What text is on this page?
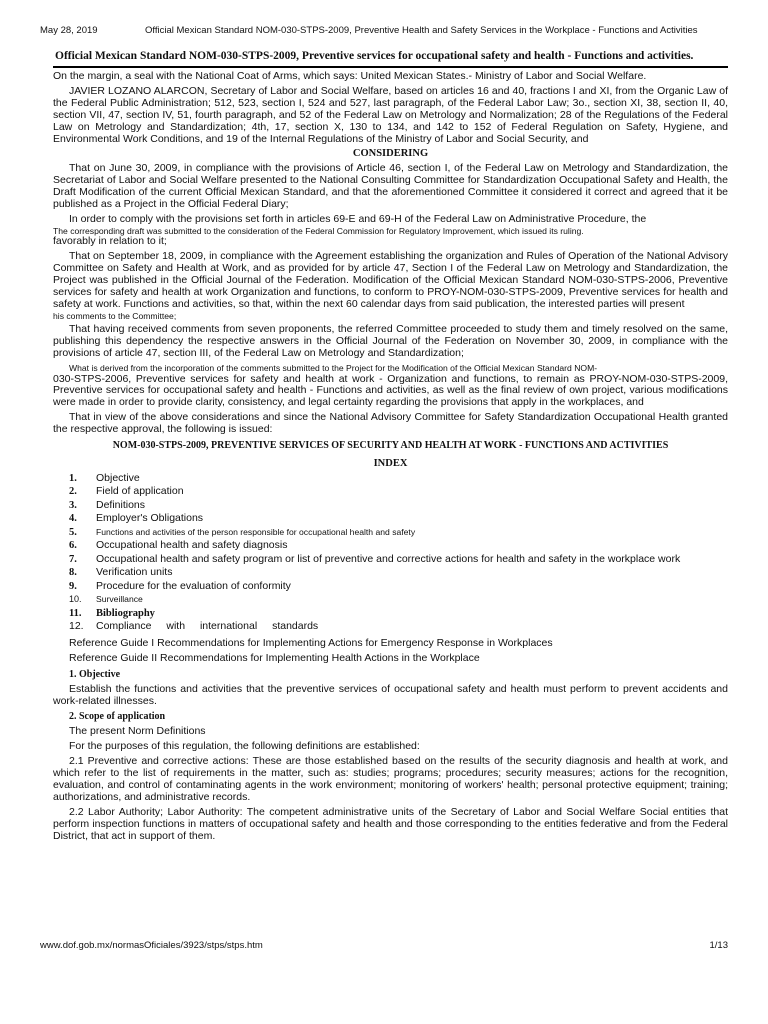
May 28, 2019	Official Mexican Standard NOM-030-STPS-2009, Preventive Health and Safety Services in the Workplace - Functions and Activities
Official Mexican Standard NOM-030-STPS-2009, Preventive services for occupational safety and health - Functions and activities.

On the margin, a seal with the National Coat of Arms, which says: United Mexican States.- Ministry of Labor and Social Welfare.

JAVIER LOZANO ALARCON, Secretary of Labor and Social Welfare, based on articles 16 and 40, fractions I and XI, from the Organic Law of the Federal Public Administration; 512, 523, section I, 524 and 527, last paragraph, of the Federal Labor Law; 3o., section XI, 38, section II, 40, section VII, 47, section IV, 51, fourth paragraph, and 52 of the Federal Law on Metrology and Normalization; 28 of the Regulations of the Federal Law on Metrology and Standardization; 4th, 17, section X, 130 to 134, and 142 to 152 of Federal Regulation on Safety, Hygiene, and Environmental Work Conditions, and 19 of the Internal Regulations of the Ministry of Labor and Social Security, and

CONSIDERING

That on June 30, 2009, in compliance with the provisions of Article 46, section I, of the Federal Law on Metrology and Standardization, the Secretariat of Labor and Social Welfare presented to the National Consulting Committee for Standardization Occupational Safety and Health, the Draft Modification of the current Official Mexican Standard, and that the aforementioned Committee it considered it correct and agreed that it be published as a Project in the Official Federal Diary;

In order to comply with the provisions set forth in articles 69-E and 69-H of the Federal Law on Administrative Procedure, the

The corresponding draft was submitted to the consideration of the Federal Commission for Regulatory Improvement, which issued its ruling.

favorably in relation to it;

That on September 18, 2009, in compliance with the Agreement establishing the organization and Rules of Operation of the National Advisory Committee on Safety and Health at Work, and as provided for by article 47, Section I of the Federal Law on Metrology and Standardization, the Project was published in the Official Journal of the Federation. Modification of the Official Mexican Standard NOM-030-STPS-2006, Preventive services for safety and health at work Organization and functions, to conform to PROY-NOM-030-STPS-2009, Preventive services for health and safety at work. Functions and activities, so that, within the next 60 calendar days from said publication, the interested parties will present

his comments to the Committee;

That having received comments from seven proponents, the referred Committee proceeded to study them and timely resolved on the same, publishing this dependency the respective answers in the Official Journal of the Federation on November 30, 2009, in compliance with the provisions of article 47, section III, of the Federal Law on Metrology and Standardization;

What is derived from the incorporation of the comments submitted to the Project for the Modification of the Official Mexican Standard NOM-

030-STPS-2006, Preventive services for safety and health at work - Organization and functions, to remain as PROY-NOM-030-STPS-2009, Preventive services for occupational safety and health - Functions and activities, as well as the final review of own project, various modifications were made in order to provide clarity, consistency, and legal certainty regarding the provisions that apply in the workplaces, and

That in view of the above considerations and since the National Advisory Committee for Safety Standardization Occupational Health granted the respective approval, the following is issued:

NOM-030-STPS-2009, PREVENTIVE SERVICES OF SECURITY AND HEALTH AT WORK - FUNCTIONS AND ACTIVITIES
INDEX
1.	Objective
2.	Field of application
3.	Definitions
4.	Employer's Obligations
5.	Functions and activities of the person responsible for occupational health and safety
6.	Occupational health and safety diagnosis
7.	Occupational health and safety program or list of preventive and corrective actions for health and safety in the workplace work
8.	Verification units
9.	Procedure for the evaluation of conformity
10.	Surveillance
11.	Bibliography
12.	Compliance with international standards

Reference Guide I Recommendations for Implementing Actions for Emergency Response in Workplaces

Reference Guide II Recommendations for Implementing Health Actions in the Workplace

1. Objective

Establish the functions and activities that the preventive services of occupational safety and health must perform to prevent accidents and work-related illnesses.

2. Scope of application

The present Norm Definitions

For the purposes of this regulation, the following definitions are established:

2.1 Preventive and corrective actions: These are those established based on the results of the security diagnosis and health at work, and which refer to the list of requirements in the matter, such as: studies; programs; procedures; security measures; actions for the recognition, evaluation, and control of contaminating agents in the work environment; monitoring of workers' health; personal protective equipment; training; authorizations, and administrative records.

2.2 Labor Authority; Labor Authority: The competent administrative units of the Secretary of Labor and Social Welfare Social entities that perform inspection functions in matters of occupational safety and health and those corresponding to the entities federative and from the Federal District, that act in support of them.

www.dof.gob.mx/normasOficiales/3923/stps/stps.htm	1/13
